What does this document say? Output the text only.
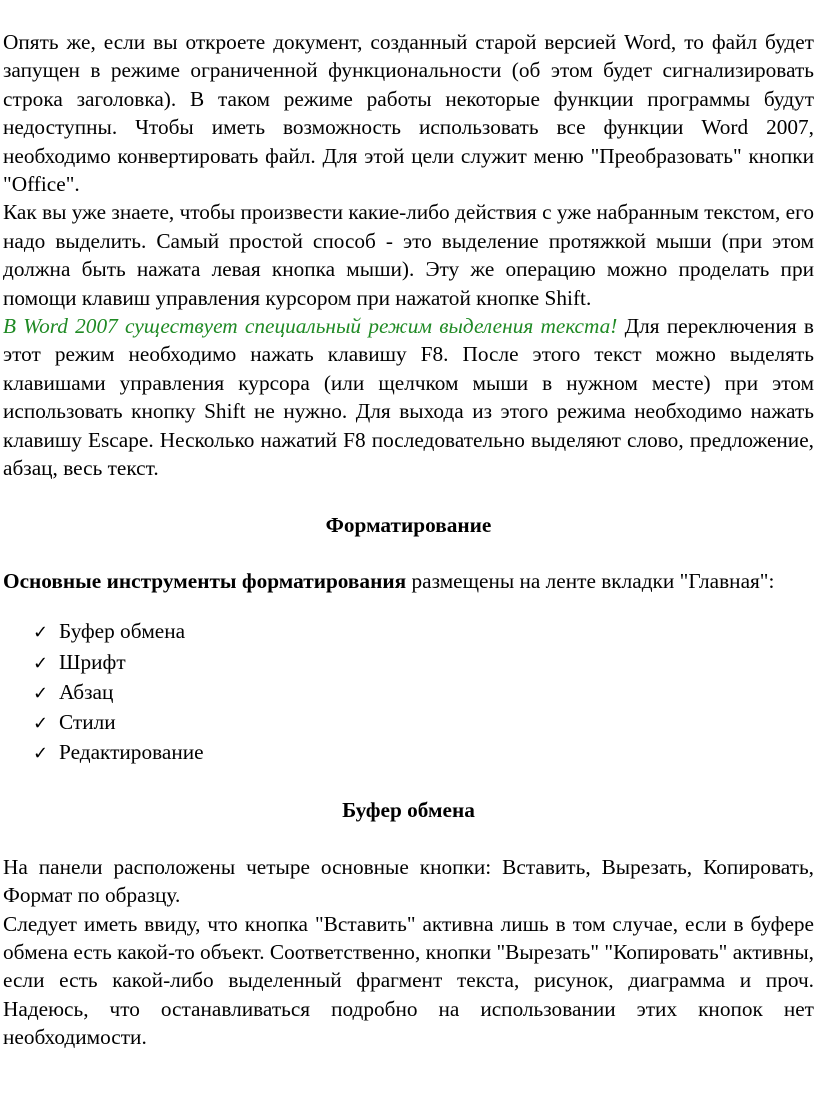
Опять же, если вы откроете документ, созданный старой версией Word, то файл будет запущен в режиме ограниченной функциональности (об этом будет сигнализировать строка заголовка). В таком режиме работы некоторые функции программы будут недоступны. Чтобы иметь возможность использовать все функции Word 2007, необходимо конвертировать файл. Для этой цели служит меню "Преобразовать" кнопки "Office".

Как вы уже знаете, чтобы произвести какие-либо действия с уже набранным текстом, его надо выделить. Самый простой способ - это выделение протяжкой мыши (при этом должна быть нажата левая кнопка мыши). Эту же операцию можно проделать при помощи клавиш управления курсором при нажатой кнопке Shift.

В Word 2007 существует специальный режим выделения текста! Для переключения в этот режим необходимо нажать клавишу F8. После этого текст можно выделять клавишами управления курсора (или щелчком мыши в нужном месте) при этом использовать кнопку Shift не нужно. Для выхода из этого режима необходимо нажать клавишу Escape. Несколько нажатий F8 последовательно выделяют слово, предложение, абзац, весь текст.

Форматирование

Основные инструменты форматирования размещены на ленте вкладки "Главная":

✓ Буфер обмена
✓ Шрифт
✓ Абзац
✓ Стили
✓ Редактирование

Буфер обмена

На панели расположены четыре основные кнопки: Вставить, Вырезать, Копировать, Формат по образцу.

Следует иметь ввиду, что кнопка "Вставить" активна лишь в том случае, если в буфере обмена есть какой-то объект. Соответственно, кнопки "Вырезать" "Копировать" активны, если есть какой-либо выделенный фрагмент текста, рисунок, диаграмма и проч. Надеюсь, что останавливаться подробно на использовании этих кнопок нет необходимости.
